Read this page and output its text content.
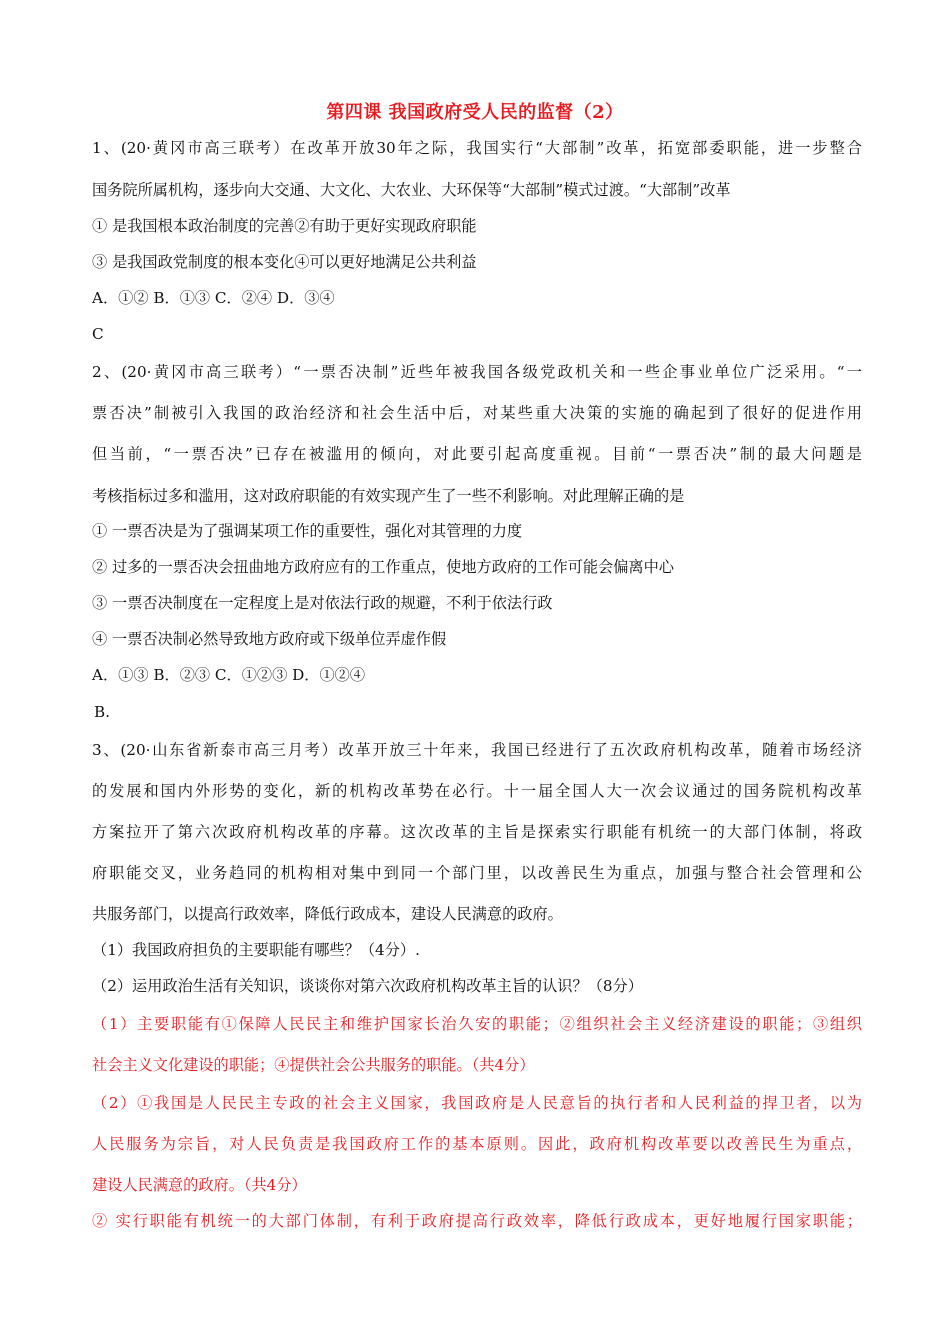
第四课 我国政府受人民的监督（2）
1、(20·黄冈市高三联考）在改革开放30年之际，我国实行“大部制”改革，拓宽部委职能，进一步整合
国务院所属机构，逐步向大交通、大文化、大农业、大环保等“大部制”模式过渡。“大部制”改革
① 是我国根本政治制度的完善②有助于更好实现政府职能
③ 是我国政党制度的根本变化④可以更好地满足公共利益
A．①② B．①③ C．②④ D．③④
C
2、(20·黄冈市高三联考）“一票否决制”近些年被我国各级党政机关和一些企事业单位广泛采用。“一
票否决”制被引入我国的政治经济和社会生活中后，对某些重大决策的实施的确起到了很好的促进作用
但当前，“一票否决”已存在被滥用的倾向，对此要引起高度重视。目前“一票否决”制的最大问题是
考核指标过多和滥用，这对政府职能的有效实现产生了一些不利影响。对此理解正确的是
① 一票否决是为了强调某项工作的重要性，强化对其管理的力度
② 过多的一票否决会扭曲地方政府应有的工作重点，使地方政府的工作可能会偏离中心
③ 一票否决制度在一定程度上是对依法行政的规避，不利于依法行政
④ 一票否决制必然导致地方政府或下级单位弄虚作假
A．①③ B．②③ C．①②③ D．①②④
B.
3、(20·山东省新泰市高三月考）改革开放三十年来，我国已经进行了五次政府机构改革，随着市场经济
的发展和国内外形势的变化，新的机构改革势在必行。十一届全国人大一次会议通过的国务院机构改革
方案拉开了第六次政府机构改革的序幕。这次改革的主旨是探索实行职能有机统一的大部门体制，将政
府职能交叉，业务趋同的机构相对集中到同一个部门里，以改善民生为重点，加强与整合社会管理和公
共服务部门，以提高行政效率，降低行政成本，建设人民满意的政府。
（1）我国政府担负的主要职能有哪些？（4分）.
（2）运用政治生活有关知识，谈谈你对第六次政府机构改革主旨的认识？（8分）
（1）主要职能有①保障人民民主和维护国家长治久安的职能；②组织社会主义经济建设的职能；③组织
社会主义文化建设的职能；④提供社会公共服务的职能。（共4分）
（2）①我国是人民民主专政的社会主义国家，我国政府是人民意旨的执行者和人民利益的捍卫者，以为
人民服务为宗旨，对人民负责是我国政府工作的基本原则。因此，政府机构改革要以改善民生为重点，
建设人民满意的政府。（共4分）
② 实行职能有机统一的大部门体制，有利于政府提高行政效率，降低行政成本，更好地履行国家职能；
